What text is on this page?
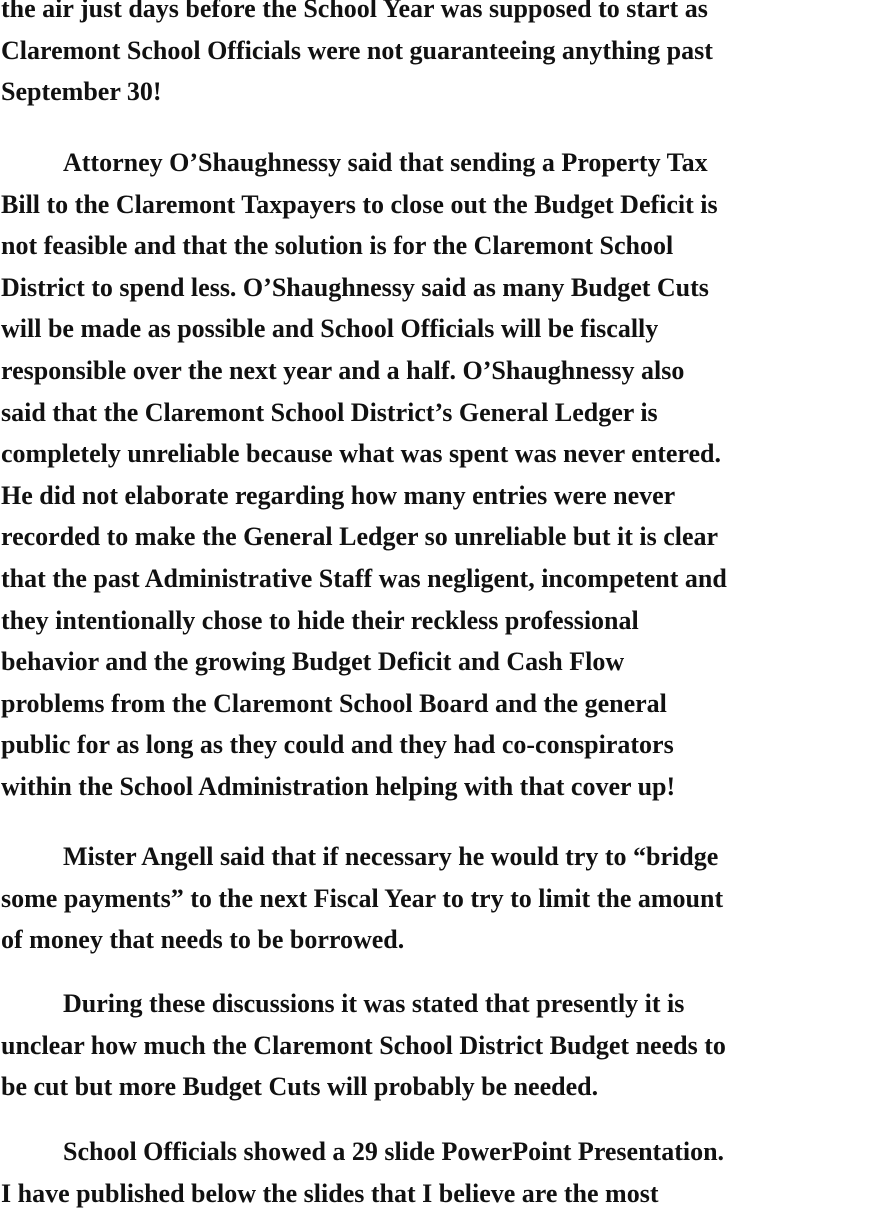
the air just days before the School Year was supposed to start as
Claremont School Officials were not guaranteeing anything past
September 30!
Attorney O’Shaughnessy said that sending a Property Tax
Bill to the Claremont Taxpayers to close out the Budget Deficit is
not feasible and that the solution is for the Claremont School
District to spend less. O’Shaughnessy said as many Budget Cuts
will be made as possible and School Officials will be fiscally
responsible over the next year and a half. O’Shaughnessy also
said that the Claremont School District’s General Ledger is
completely unreliable because what was spent was never entered.
He did not elaborate regarding how many entries were never
recorded to make the General Ledger so unreliable but it is clear
that the past Administrative Staff was negligent, incompetent and
they intentionally chose to hide their reckless professional
behavior and the growing Budget Deficit and Cash Flow
problems from the Claremont School Board and the general
public for as long as they could and they had co-conspirators
within the School Administration helping with that cover up!
Mister Angell said that if necessary he would try to “bridge
some payments” to the next Fiscal Year to try to limit the amount
of money that needs to be borrowed.
During these discussions it was stated that presently it is
unclear how much the Claremont School District Budget needs to
be cut but more Budget Cuts will probably be needed.
School Officials showed a 29 slide PowerPoint Presentation.
I have published below the slides that I believe are the most
